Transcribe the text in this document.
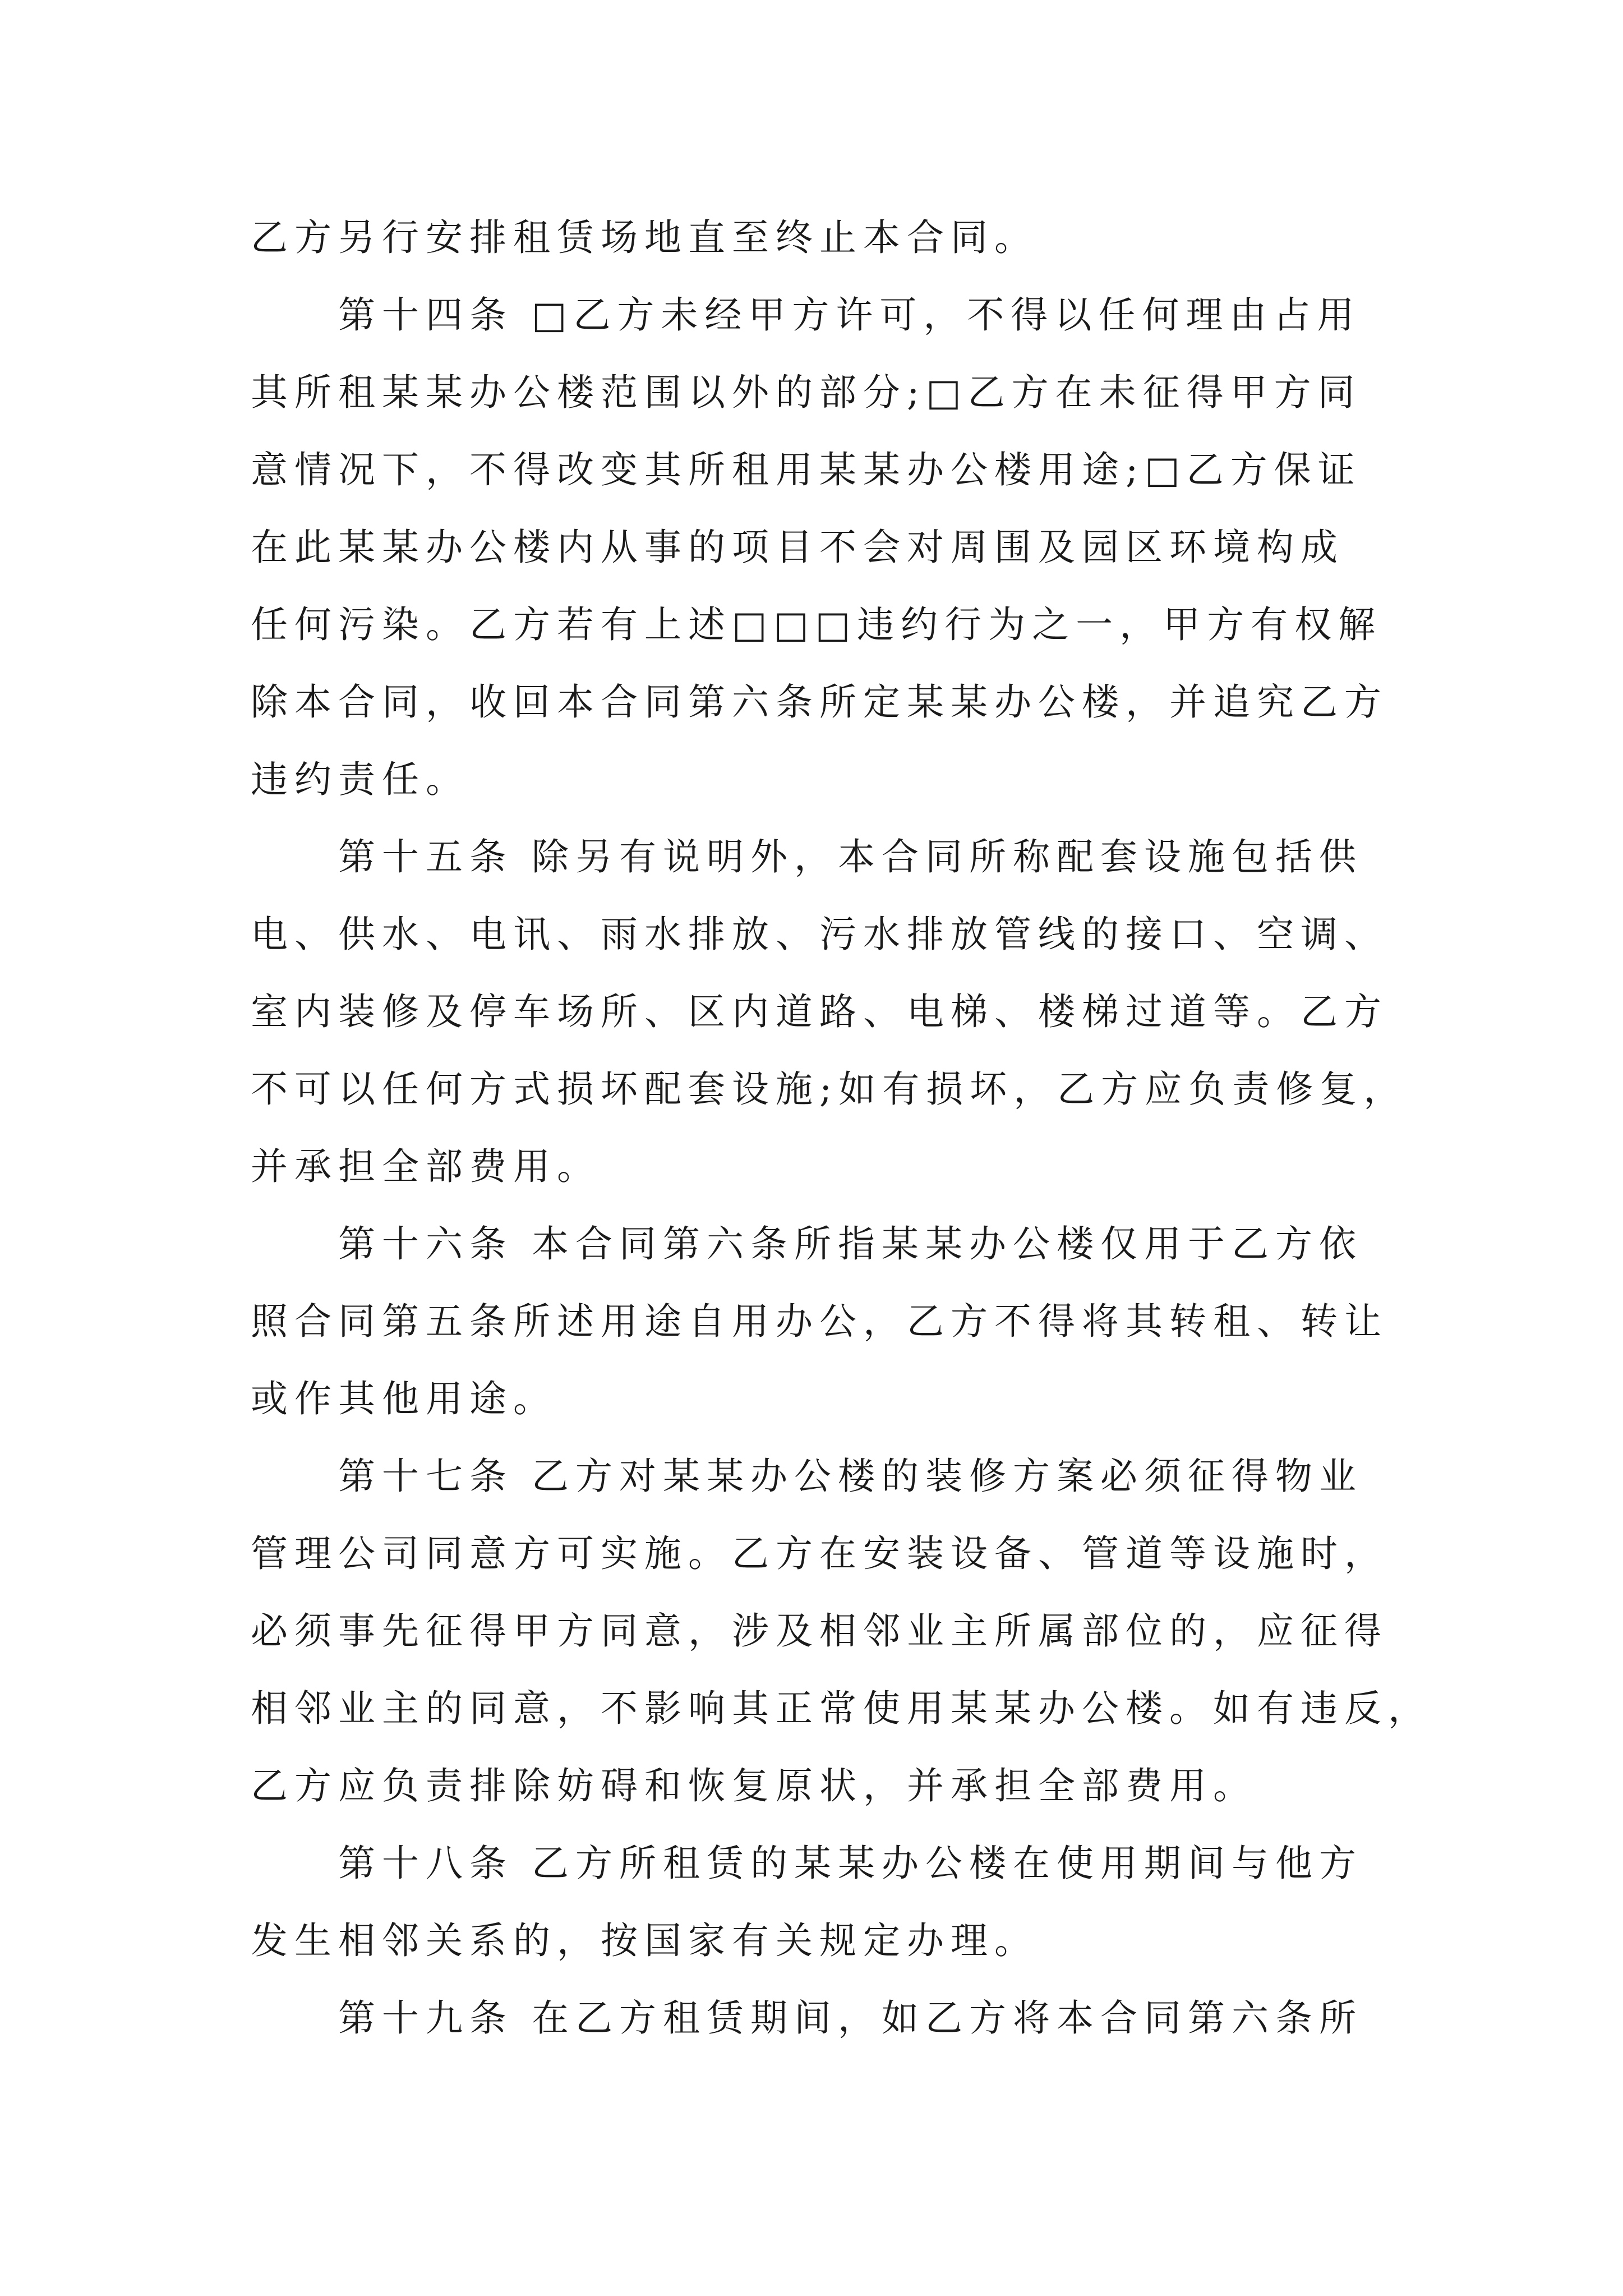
乙方另行安排租赁场地直至终止本合同。
第十四条 □乙方未经甲方许可，不得以任何理由占用
其所租某某办公楼范围以外的部分;□乙方在未征得甲方同
意情况下，不得改变其所租用某某办公楼用途;□乙方保证
在此某某办公楼内从事的项目不会对周围及园区环境构成
任何污染。乙方若有上述□□□违约行为之一，甲方有权解
除本合同，收回本合同第六条所定某某办公楼，并追究乙方
违约责任。
第十五条 除另有说明外，本合同所称配套设施包括供
电、供水、电讯、雨水排放、污水排放管线的接口、空调、
室内装修及停车场所、区内道路、电梯、楼梯过道等。乙方
不可以任何方式损坏配套设施;如有损坏，乙方应负责修复，
并承担全部费用。
第十六条 本合同第六条所指某某办公楼仅用于乙方依
照合同第五条所述用途自用办公，乙方不得将其转租、转让
或作其他用途。
第十七条 乙方对某某办公楼的装修方案必须征得物业
管理公司同意方可实施。乙方在安装设备、管道等设施时，
必须事先征得甲方同意，涉及相邻业主所属部位的，应征得
相邻业主的同意，不影响其正常使用某某办公楼。如有违反，
乙方应负责排除妨碍和恢复原状，并承担全部费用。
第十八条 乙方所租赁的某某办公楼在使用期间与他方
发生相邻关系的，按国家有关规定办理。
第十九条 在乙方租赁期间，如乙方将本合同第六条所
